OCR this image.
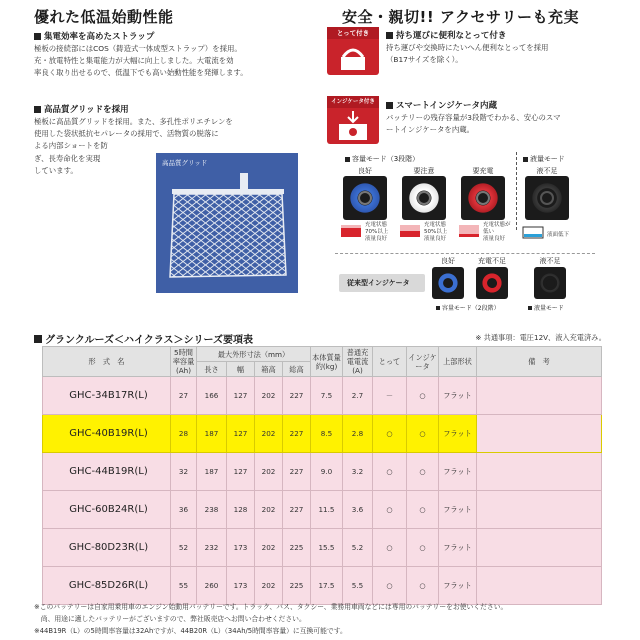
優れた低温始動性能
集電効率を高めたストラップ
極板の接続部にはCOS（鋳造式一体成型ストラップ）を採用。
充・放電特性と集電能力が大幅に向上しました。大電流を効
率良く取り出せるので、低温下でも高い始動性能を発揮します。
高品質グリッドを採用
極板に高品質グリッドを採用。また、多孔性ポリエチレンを
使用した袋状抵抗セパレータの採用で、活物質の脱落に
よる内部ショートを防
ぎ、長寿命化を実現
しています。
高品質グリッド
安全・親切!! アクセサリーも充実
とって付き	持ち運びに便利なとって付き
持ち運びや交換時にたいへん便利なとってを採用
（B17サイズを除く）。
インジケータ付き	スマートインジケータ内蔵
バッテリーの残存容量が3段階でわかる、安心のスマ
ートインジケータを内蔵。
容量モード（3段階）	液量モード
良好	要注意	要充電	液不足
充電状態
70%以上
液量良好
充電状態
50%以上
液量良好
充電状態が
低い
液量良好
液面低下
従来型インジケータ
良好	充電不足	液不足
容量モード（2段階）	液量モード
グランクルーズ＜ハイクラス＞シリーズ要項表	※ 共通事項：電圧12V、液入充電済み。
形　式　名	5時間率容量(Ah)	最大外形寸法（mm）				本体質量約(kg)	普通充電電流(A)	とって	インジケータ	上部形状	備　考
		長さ	幅	箱高	総高						
GHC-34B17R(L)	27	166	127	202	227	7.5	2.7	－	○	フラット	
GHC-40B19R(L)	28	187	127	202	227	8.5	2.8	○	○	フラット	
GHC-44B19R(L)	32	187	127	202	227	9.0	3.2	○	○	フラット	
GHC-60B24R(L)	36	238	128	202	227	11.5	3.6	○	○	フラット	
GHC-80D23R(L)	52	232	173	202	225	15.5	5.2	○	○	フラット	
GHC-85D26R(L)	55	260	173	202	225	17.5	5.5	○	○	フラット	
※このバッテリーは自家用乗用車のエンジン始動用バッテリーです。トラック、バス、タクシー、業務用車両などには専用のバッテリーをお使いください。
　尚、用途に適したバッテリーがございますので、弊社販売店へお問い合わせください。
※44B19R（L）の5時間率容量は32Ahですが、44B20R（L）（34Ah/5時間率容量）に互換可能です。
